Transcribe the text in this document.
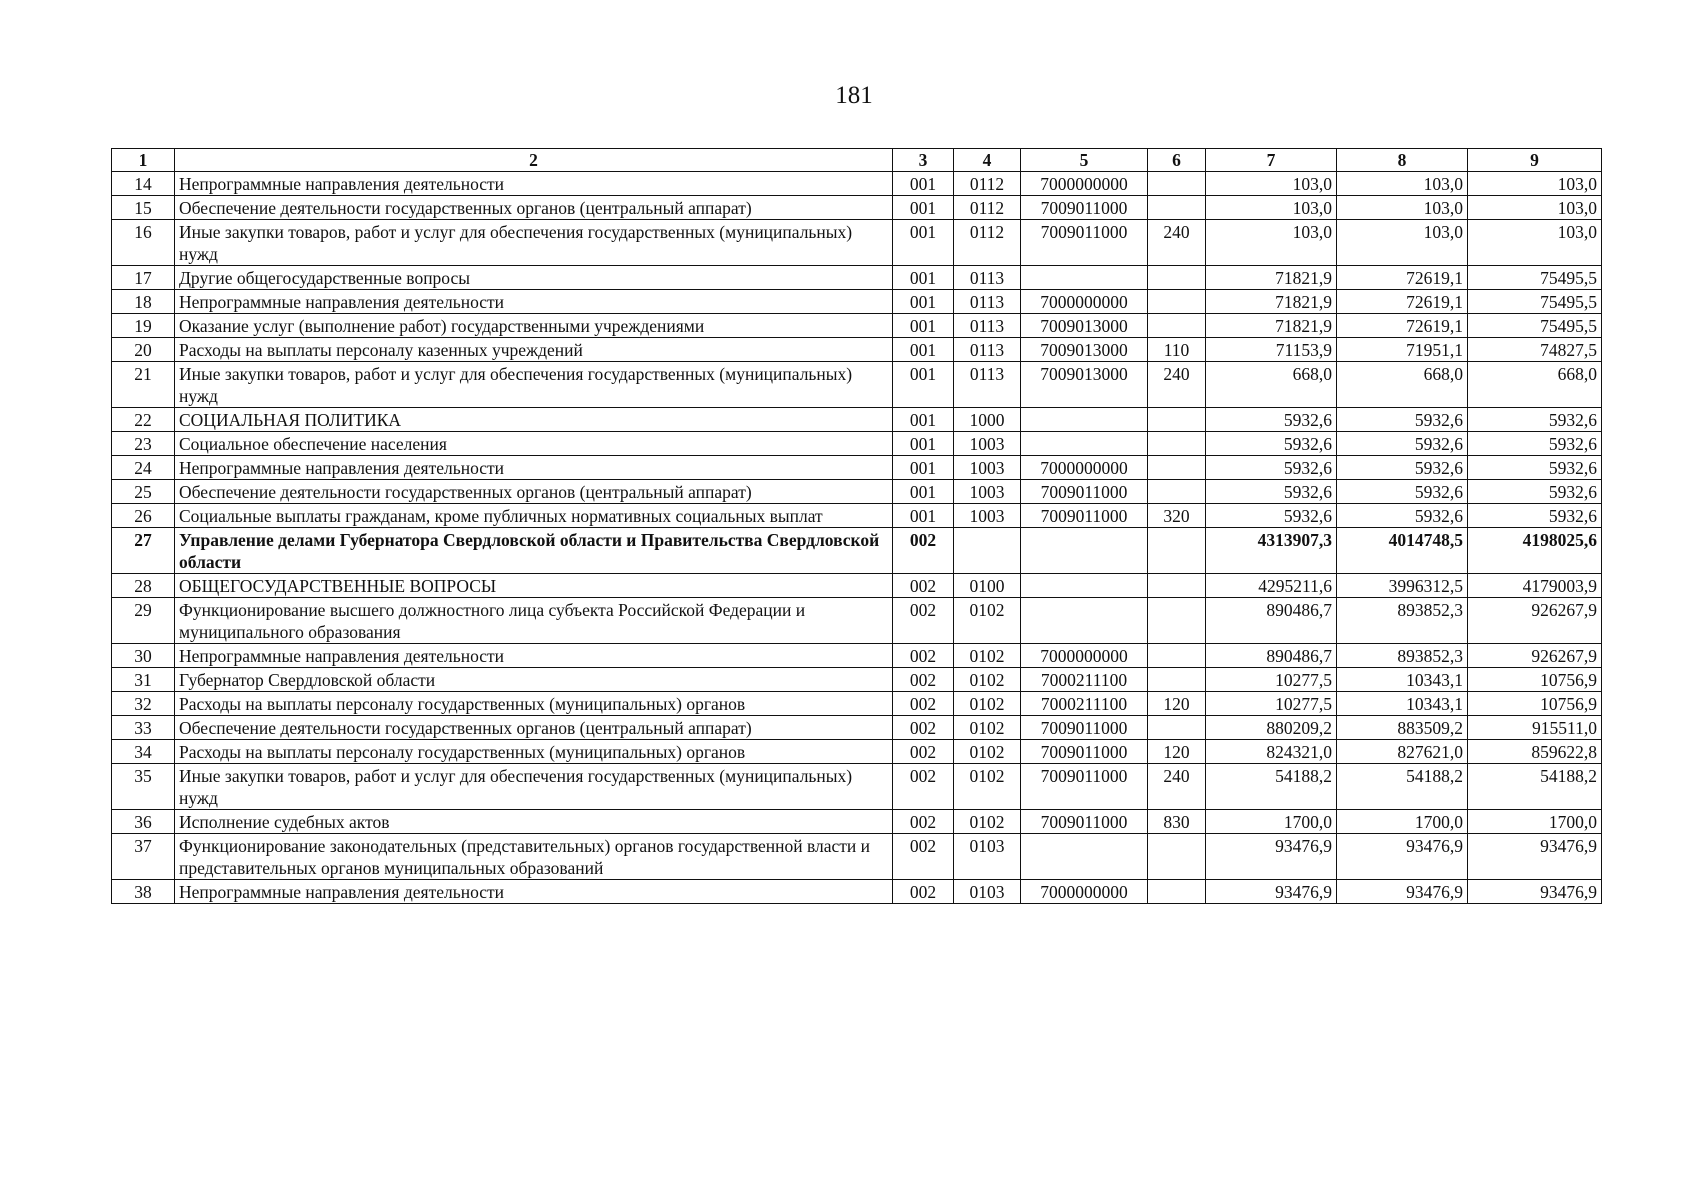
181
1	2	3	4	5	6	7	8	9
14	Непрограммные направления деятельности	001	0112	7000000000		103,0	103,0	103,0
15	Обеспечение деятельности государственных органов (центральный аппарат)	001	0112	7009011000		103,0	103,0	103,0
16	Иные закупки товаров, работ и услуг для обеспечения государственных (муниципальных) нужд	001	0112	7009011000	240	103,0	103,0	103,0
17	Другие общегосударственные вопросы	001	0113			71821,9	72619,1	75495,5
18	Непрограммные направления деятельности	001	0113	7000000000		71821,9	72619,1	75495,5
19	Оказание услуг (выполнение работ) государственными учреждениями	001	0113	7009013000		71821,9	72619,1	75495,5
20	Расходы на выплаты персоналу казенных учреждений	001	0113	7009013000	110	71153,9	71951,1	74827,5
21	Иные закупки товаров, работ и услуг для обеспечения государственных (муниципальных) нужд	001	0113	7009013000	240	668,0	668,0	668,0
22	СОЦИАЛЬНАЯ ПОЛИТИКА	001	1000			5932,6	5932,6	5932,6
23	Социальное обеспечение населения	001	1003			5932,6	5932,6	5932,6
24	Непрограммные направления деятельности	001	1003	7000000000		5932,6	5932,6	5932,6
25	Обеспечение деятельности государственных органов (центральный аппарат)	001	1003	7009011000		5932,6	5932,6	5932,6
26	Социальные выплаты гражданам, кроме публичных нормативных социальных выплат	001	1003	7009011000	320	5932,6	5932,6	5932,6
27	Управление делами Губернатора Свердловской области и Правительства Свердловской области	002				4313907,3	4014748,5	4198025,6
28	ОБЩЕГОСУДАРСТВЕННЫЕ ВОПРОСЫ	002	0100			4295211,6	3996312,5	4179003,9
29	Функционирование высшего должностного лица субъекта Российской Федерации и муниципального образования	002	0102			890486,7	893852,3	926267,9
30	Непрограммные направления деятельности	002	0102	7000000000		890486,7	893852,3	926267,9
31	Губернатор Свердловской области	002	0102	7000211100		10277,5	10343,1	10756,9
32	Расходы на выплаты персоналу государственных (муниципальных) органов	002	0102	7000211100	120	10277,5	10343,1	10756,9
33	Обеспечение деятельности государственных органов (центральный аппарат)	002	0102	7009011000		880209,2	883509,2	915511,0
34	Расходы на выплаты персоналу государственных (муниципальных) органов	002	0102	7009011000	120	824321,0	827621,0	859622,8
35	Иные закупки товаров, работ и услуг для обеспечения государственных (муниципальных) нужд	002	0102	7009011000	240	54188,2	54188,2	54188,2
36	Исполнение судебных актов	002	0102	7009011000	830	1700,0	1700,0	1700,0
37	Функционирование законодательных (представительных) органов государственной власти и представительных органов муниципальных образований	002	0103			93476,9	93476,9	93476,9
38	Непрограммные направления деятельности	002	0103	7000000000		93476,9	93476,9	93476,9
